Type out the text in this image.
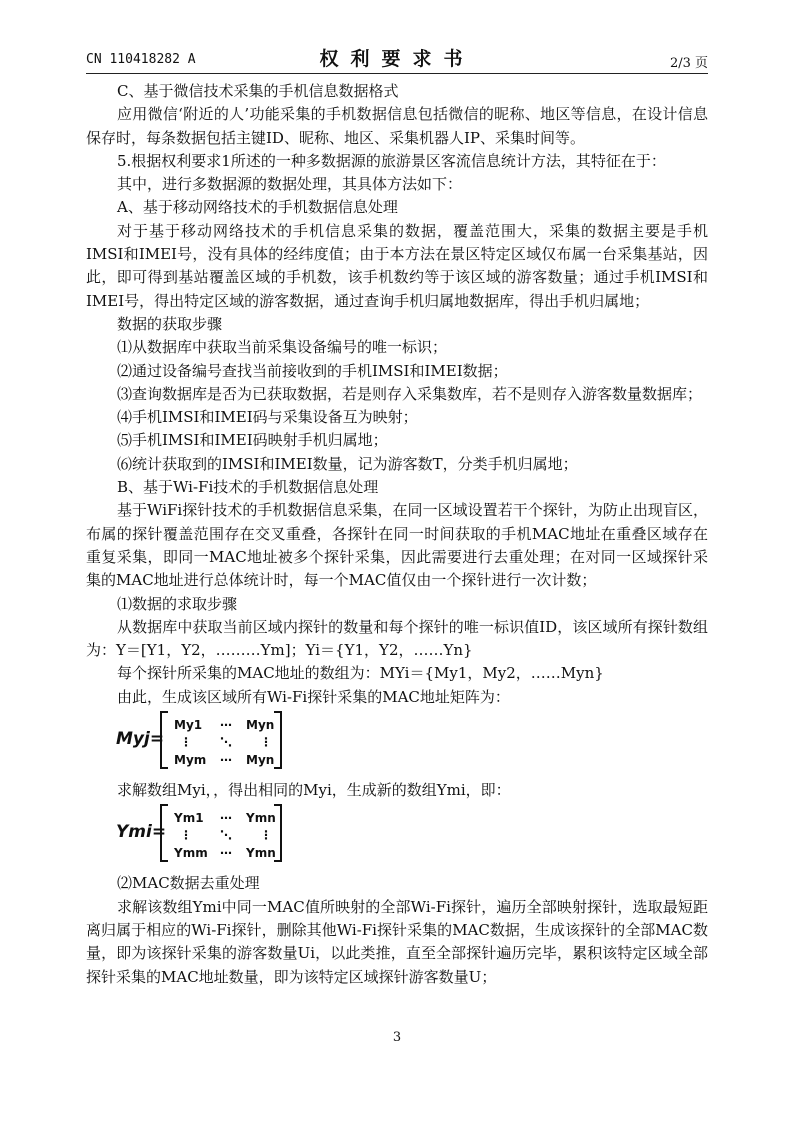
CN 110418282 A	权利要求书	2/3 页

C、基于微信技术采集的手机信息数据格式

应用微信‘附近的人’功能采集的手机数据信息包括微信的昵称、地区等信息，在设计信息保存时，每条数据包括主键ID、昵称、地区、采集机器人IP、采集时间等。

5.根据权利要求1所述的一种多数据源的旅游景区客流信息统计方法，其特征在于：

其中，进行多数据源的数据处理，其具体方法如下：

A、基于移动网络技术的手机数据信息处理

对于基于移动网络技术的手机信息采集的数据，覆盖范围大，采集的数据主要是手机IMSI和IMEI号，没有具体的经纬度值；由于本方法在景区特定区域仅布属一台采集基站，因此，即可得到基站覆盖区域的手机数，该手机数约等于该区域的游客数量；通过手机IMSI和IMEI号，得出特定区域的游客数据，通过查询手机归属地数据库，得出手机归属地；

数据的获取步骤

⑴从数据库中获取当前采集设备编号的唯一标识；

⑵通过设备编号查找当前接收到的手机IMSI和IMEI数据；

⑶查询数据库是否为已获取数据，若是则存入采集数库，若不是则存入游客数量数据库；

⑷手机IMSI和IMEI码与采集设备互为映射；

⑸手机IMSI和IMEI码映射手机归属地；

⑹统计获取到的IMSI和IMEI数量，记为游客数T，分类手机归属地；

B、基于Wi-Fi技术的手机数据信息处理

基于WiFi探针技术的手机数据信息采集，在同一区域设置若干个探针，为防止出现盲区，布属的探针覆盖范围存在交叉重叠，各探针在同一时间获取的手机MAC地址在重叠区域存在重复采集，即同一MAC地址被多个探针采集，因此需要进行去重处理；在对同一区域探针采集的MAC地址进行总体统计时，每一个MAC值仅由一个探针进行一次计数；

⑴数据的求取步骤

从数据库中获取当前区域内探针的数量和每个探针的唯一标识值ID，该区域所有探针数组为：Y＝[Y1，Y2，………Ym]；Yi＝{Y1，Y2，……Yn}

每个探针所采集的MAC地址的数组为：MYi＝{My1，My2，……Myn}

由此，生成该区域所有Wi-Fi探针采集的MAC地址矩阵为：

Myj=
My1 ⋯ Myn
⋮ ⋱ ⋮
Mym ⋯ Myn

求解数组Myi，，得出相同的Myi，生成新的数组Ymi，即：

Ymi=
Ym1 ⋯ Ymn
⋮ ⋱ ⋮
Ymm ⋯ Ymn

⑵MAC数据去重处理

求解该数组Ymi中同一MAC值所映射的全部Wi-Fi探针，遍历全部映射探针，选取最短距离归属于相应的Wi-Fi探针，删除其他Wi-Fi探针采集的MAC数据，生成该探针的全部MAC数量，即为该探针采集的游客数量Ui，以此类推，直至全部探针遍历完毕，累积该特定区域全部探针采集的MAC地址数量，即为该特定区域探针游客数量U；

3
